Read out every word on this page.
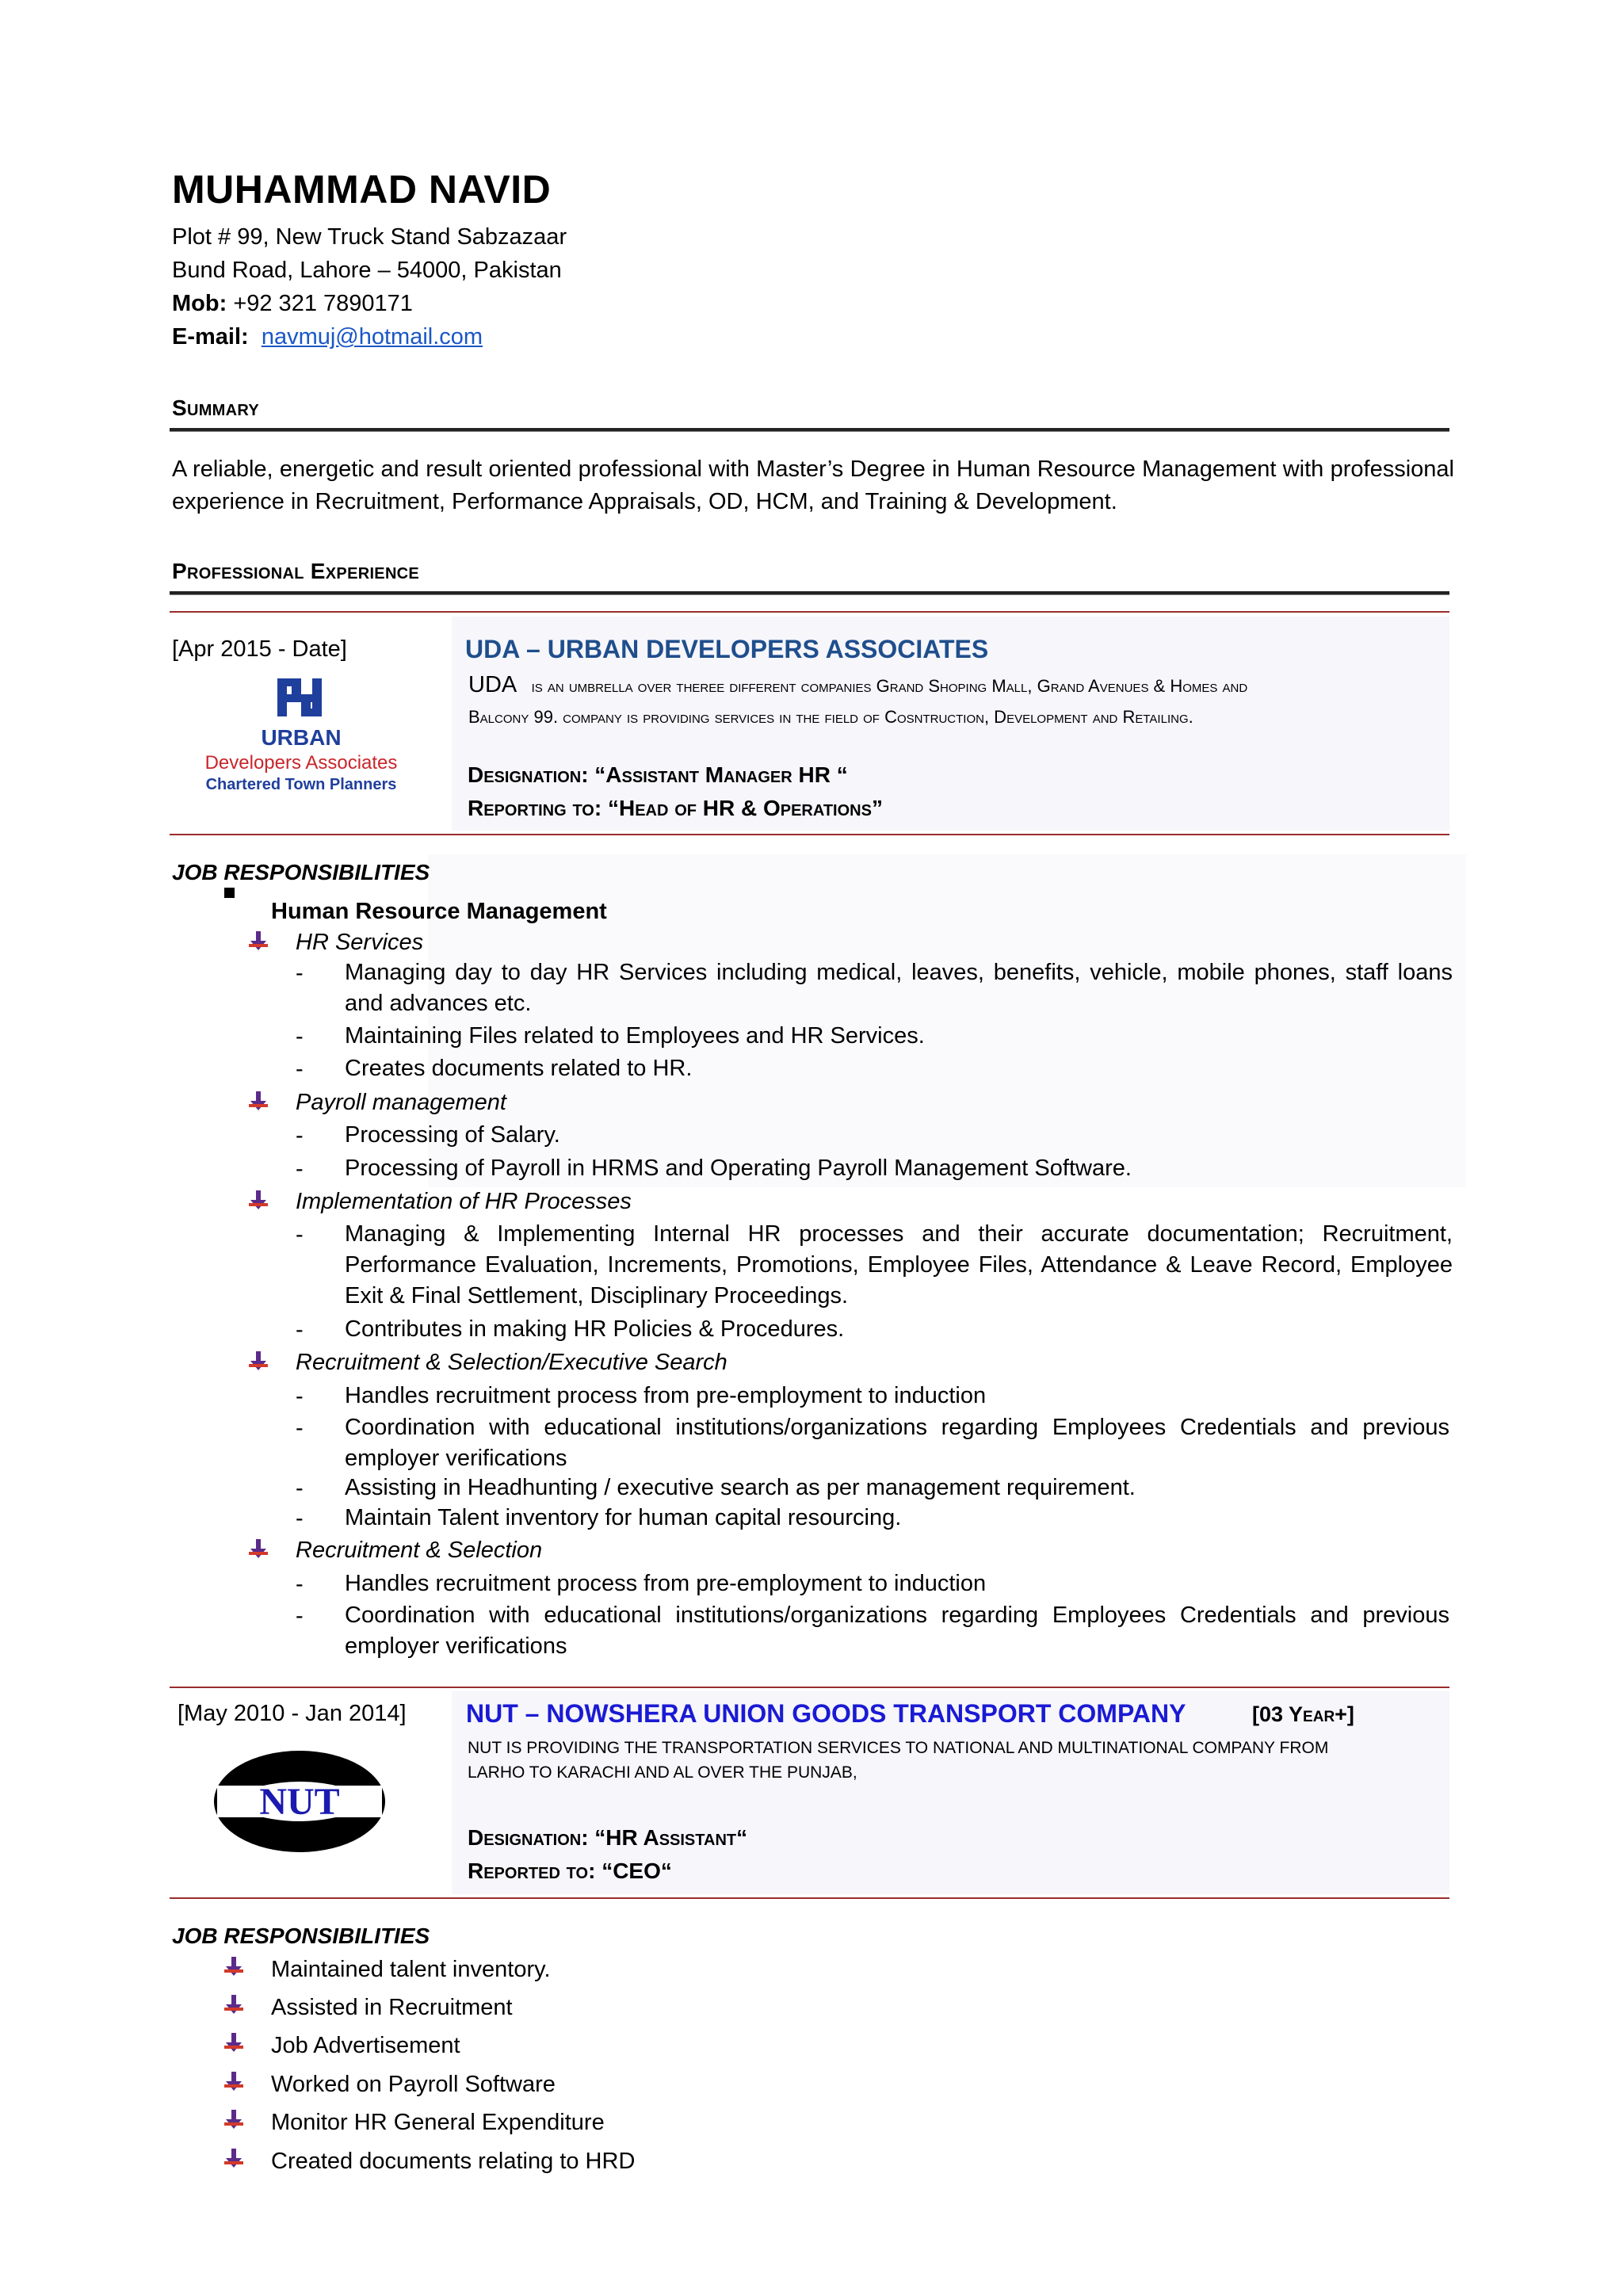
MUHAMMAD NAVID
Plot # 99, New Truck Stand Sabzazaar
Bund Road, Lahore – 54000, Pakistan
Mob: +92 321 7890171
E-mail: navmuj@hotmail.com
Summary
A reliable, energetic and result oriented professional with Master’s Degree in Human Resource Management with professional experience in Recruitment, Performance Appraisals, OD, HCM, and Training & Development.
Professional Experience
[Apr 2015 - Date]	UDA – URBAN DEVELOPERS ASSOCIATES
UDA is an umbrella over theree different companies Grand Shoping Mall, Grand Avenues & Homes and
Balcony 99. company is providing services in the field of Cosntruction, Development and Retailing.
Designation: “Assistant Manager HR “
Reporting to: “Head of HR & Operations”
URBAN
Developers Associates
Chartered Town Planners
JOB RESPONSIBILITIES
Human Resource Management
HR Services
- Managing day to day HR Services including medical, leaves, benefits, vehicle, mobile phones, staff loans and advances etc.
- Maintaining Files related to Employees and HR Services.
- Creates documents related to HR.
Payroll management
- Processing of Salary.
- Processing of Payroll in HRMS and Operating Payroll Management Software.
Implementation of HR Processes
- Managing & Implementing Internal HR processes and their accurate documentation; Recruitment, Performance Evaluation, Increments, Promotions, Employee Files, Attendance & Leave Record, Employee Exit & Final Settlement, Disciplinary Proceedings.
- Contributes in making HR Policies & Procedures.
Recruitment & Selection/Executive Search
- Handles recruitment process from pre-employment to induction
- Coordination with educational institutions/organizations regarding Employees Credentials and previous employer verifications
- Assisting in Headhunting / executive search as per management requirement.
- Maintain Talent inventory for human capital resourcing.
Recruitment & Selection
- Handles recruitment process from pre-employment to induction
- Coordination with educational institutions/organizations regarding Employees Credentials and previous employer verifications
[May 2010 - Jan 2014] NUT – NOWSHERA UNION GOODS TRANSPORT COMPANY	[03 Year+]
NUT IS PROVIDING THE TRANSPORTATION SERVICES TO NATIONAL AND MULTINATIONAL COMPANY FROM
LARHO TO KARACHI AND AL OVER THE PUNJAB,
Designation: “HR Assistant“
Reported to: “CEO“
NUT
JOB RESPONSIBILITIES
Maintained talent inventory.
Assisted in Recruitment
Job Advertisement
Worked on Payroll Software
Monitor HR General Expenditure
Created documents relating to HRD
